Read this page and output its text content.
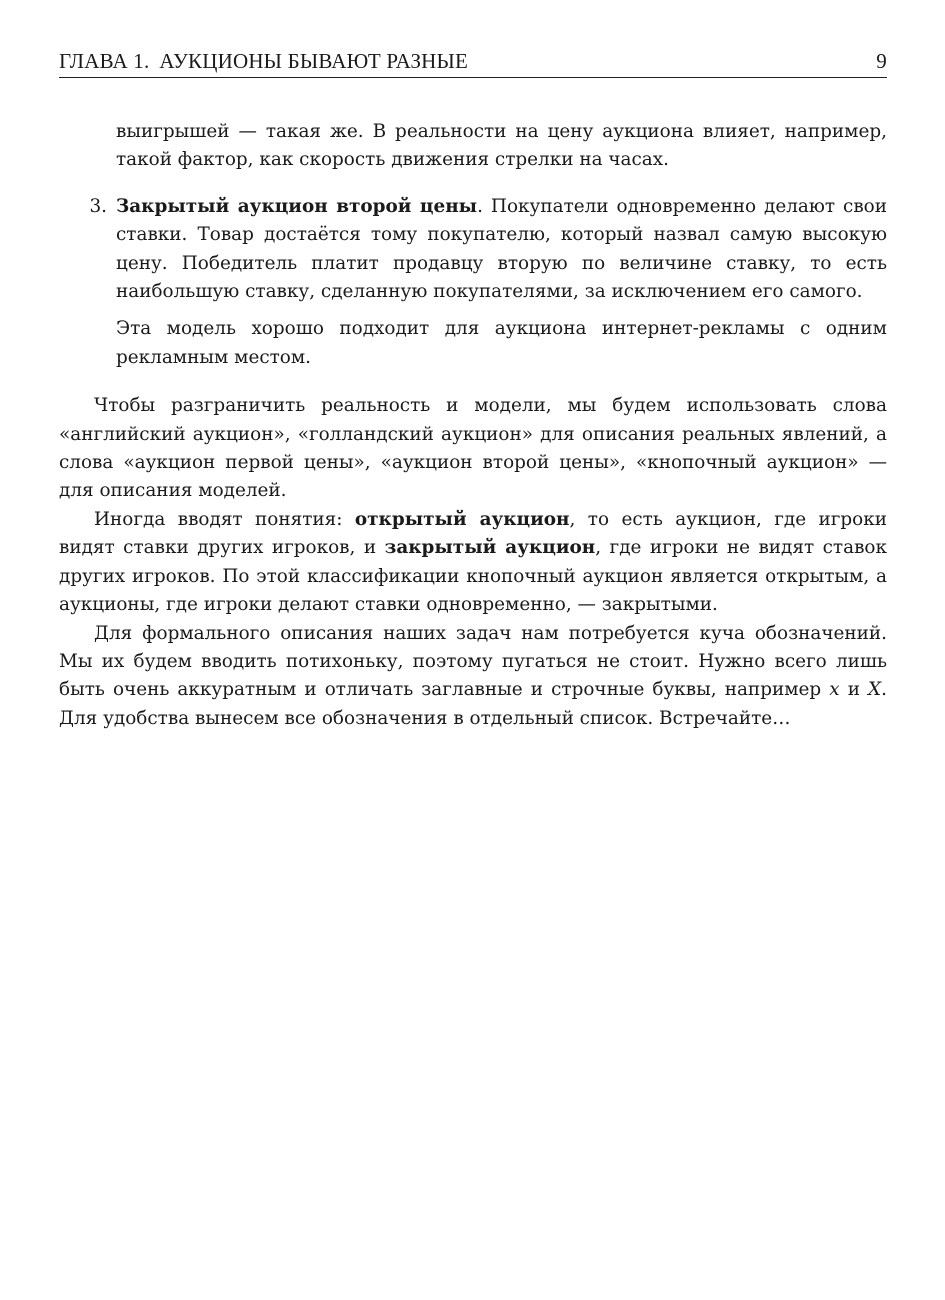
ГЛАВА 1. АУКЦИОНЫ БЫВАЮТ РАЗНЫЕ	9

выигрышей — такая же. В реальности на цену аукциона влияет, например, такой фактор, как скорость движения стрелки на часах.

3. Закрытый аукцион второй цены. Покупатели одновременно делают свои ставки. Товар достаётся тому покупателю, который назвал самую высокую цену. Победитель платит продавцу вторую по величине ставку, то есть наибольшую ставку, сделанную покупателями, за исключением его самого.

Эта модель хорошо подходит для аукциона интернет-рекламы с одним рекламным местом.

Чтобы разграничить реальность и модели, мы будем использовать слова «английский аукцион», «голландский аукцион» для описания реальных явлений, а слова «аукцион первой цены», «аукцион второй цены», «кнопочный аукцион» — для описания моделей.

Иногда вводят понятия: открытый аукцион, то есть аукцион, где игроки видят ставки других игроков, и закрытый аукцион, где игроки не видят ставок других игроков. По этой классификации кнопочный аукцион является открытым, а аукционы, где игроки делают ставки одновременно, — закрытыми.

Для формального описания наших задач нам потребуется куча обозначений. Мы их будем вводить потихоньку, поэтому пугаться не стоит. Нужно всего лишь быть очень аккуратным и отличать заглавные и строчные буквы, например x и X. Для удобства вынесем все обозначения в отдельный список. Встречайте…
